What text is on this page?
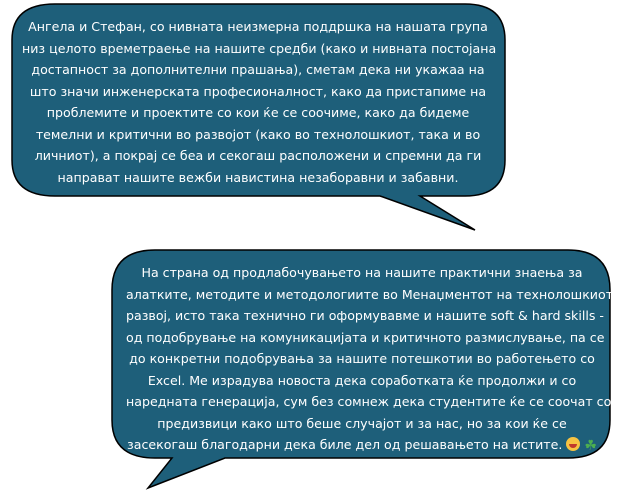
Ангела и Стефан, со нивната неизмерна поддршка на нашата група
низ целото времетраење на нашите средби (како и нивната постојана
достапност за дополнителни прашања), сметам дека ни укажаа на
што значи инженерската професионалност, како да пристапиме на
проблемите и проектите со кои ќе се соочиме, како да бидеме
темелни и критични во развојот (како во технолошкиот, така и во
личниот), а покрај се беа и секогаш расположени и спремни да ги
направат нашите вежби навистина незаборавни и забавни.

На страна од продлабочувањето на нашите практични знаења за
алатките, методите и методологиите во Менаџментот на технолошкиот
развој, исто така технично ги оформувавме и нашите soft & hard skills -
од подобрување на комуникацијата и критичното размислување, па се
до конкретни подобрувања за нашите потешкотии во работењето со
Excel. Ме израдува новоста дека соработката ќе продолжи и со
наредната генерација, сум без сомнеж дека студентите ќе се соочат со
предизвици како што беше случајот и за нас, но за кои ќе се
засекогаш благодарни дека биле дел од решавањето на истите. ☘
